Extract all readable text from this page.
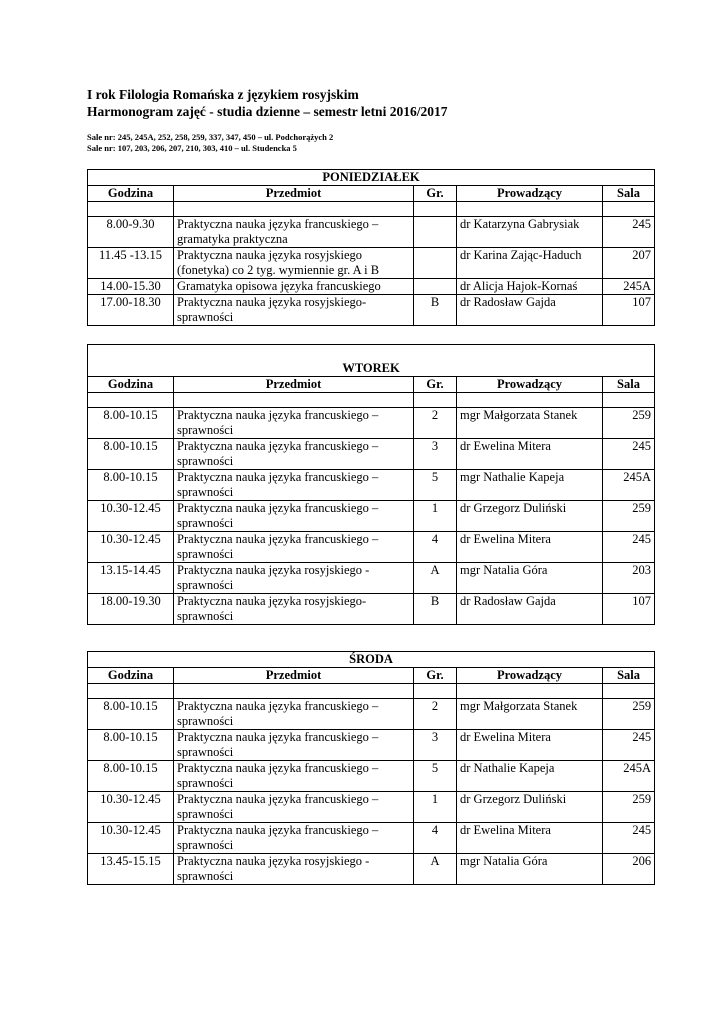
I rok Filologia Romańska z językiem rosyjskim
Harmonogram zajęć - studia dzienne – semestr letni 2016/2017
Sale nr: 245, 245A, 252, 258, 259, 337, 347, 450 – ul. Podchorążych 2
Sale nr: 107, 203, 206, 207, 210, 303, 410 – ul. Studencka 5
PONIEDZIAŁEK				
Godzina	Przedmiot	Gr.	Prowadzący	Sala

8.00-9.30	Praktyczna nauka języka francuskiego –
gramatyka praktyczna		dr Katarzyna Gabrysiak	245
11.45 -13.15	Praktyczna nauka języka rosyjskiego
(fonetyka) co 2 tyg. wymiennie gr. A i B		dr Karina Zając-Haduch	207
14.00-15.30	Gramatyka opisowa języka francuskiego		dr Alicja Hajok-Kornaś	245A
17.00-18.30	Praktyczna nauka języka rosyjskiego-
sprawności	B	dr Radosław Gajda	107
WTOREK				
Godzina	Przedmiot	Gr.	Prowadzący	Sala

8.00-10.15	Praktyczna nauka języka francuskiego –
sprawności	2	mgr Małgorzata Stanek	259
8.00-10.15	Praktyczna nauka języka francuskiego –
sprawności	3	dr Ewelina Mitera	245
8.00-10.15	Praktyczna nauka języka francuskiego –
sprawności	5	mgr Nathalie Kapeja	245A
10.30-12.45	Praktyczna nauka języka francuskiego –
sprawności	1	dr Grzegorz Duliński	259
10.30-12.45	Praktyczna nauka języka francuskiego –
sprawności	4	dr Ewelina Mitera	245
13.15-14.45	Praktyczna nauka języka rosyjskiego -
sprawności	A	mgr Natalia Góra	203
18.00-19.30	Praktyczna nauka języka rosyjskiego-
sprawności	B	dr Radosław Gajda	107
ŚRODA				
Godzina	Przedmiot	Gr.	Prowadzący	Sala

8.00-10.15	Praktyczna nauka języka francuskiego –
sprawności	2	mgr Małgorzata Stanek	259
8.00-10.15	Praktyczna nauka języka francuskiego –
sprawności	3	dr Ewelina Mitera	245
8.00-10.15	Praktyczna nauka języka francuskiego –
sprawności	5	dr Nathalie Kapeja	245A
10.30-12.45	Praktyczna nauka języka francuskiego –
sprawności	1	dr Grzegorz Duliński	259
10.30-12.45	Praktyczna nauka języka francuskiego –
sprawności	4	dr Ewelina Mitera	245
13.45-15.15	Praktyczna nauka języka rosyjskiego -
sprawności	A	mgr Natalia Góra	206
